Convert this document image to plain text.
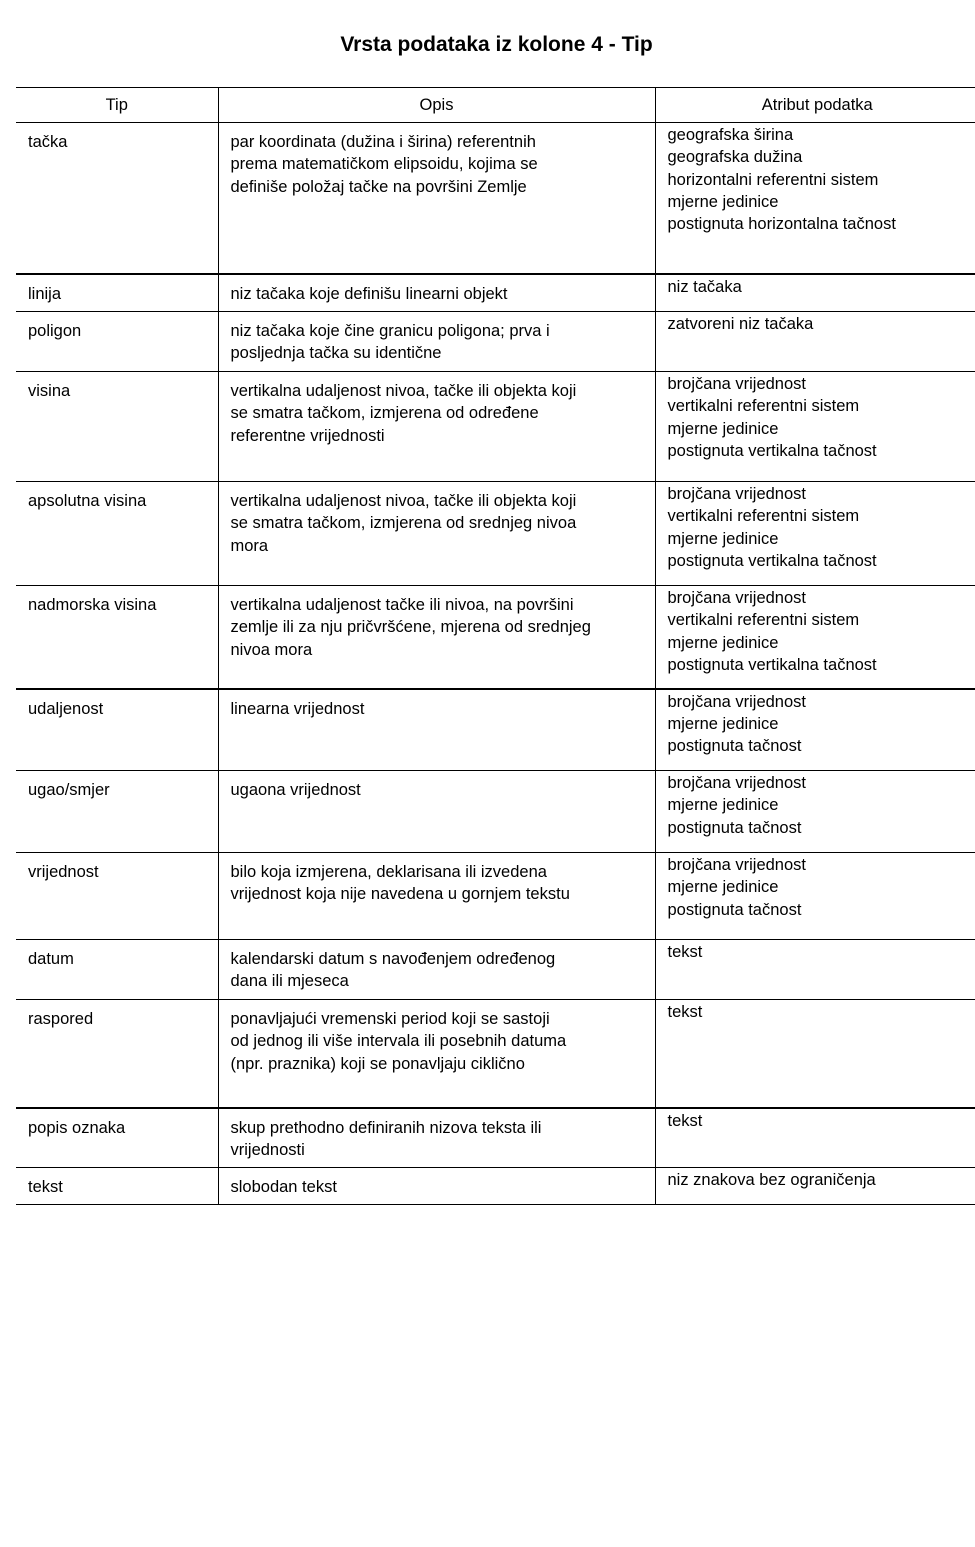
Vrsta podataka iz kolone 4 - Tip
Tip	Opis	Atribut podatka
tačka	par koordinata (dužina i širina) referentnih
prema matematičkom elipsoidu, kojima se
definiše položaj tačke na površini Zemlje	geografska širina
geografska dužina
horizontalni referentni sistem
mjerne jedinice
postignuta horizontalna tačnost
linija	niz tačaka koje definišu linearni objekt	niz tačaka
poligon	niz tačaka koje čine granicu poligona; prva i
posljednja tačka su identične	zatvoreni niz tačaka
visina	vertikalna udaljenost nivoa, tačke ili objekta koji
se smatra tačkom, izmjerena od određene
referentne vrijednosti	brojčana vrijednost
vertikalni referentni sistem
mjerne jedinice
postignuta vertikalna tačnost
apsolutna visina	vertikalna udaljenost nivoa, tačke ili objekta koji
se smatra tačkom, izmjerena od srednjeg nivoa
mora	brojčana vrijednost
vertikalni referentni sistem
mjerne jedinice
postignuta vertikalna tačnost
nadmorska visina	vertikalna udaljenost tačke ili nivoa, na površini
zemlje ili za nju pričvršćene, mjerena od srednjeg
nivoa mora	brojčana vrijednost
vertikalni referentni sistem
mjerne jedinice
postignuta vertikalna tačnost
udaljenost	linearna vrijednost	brojčana vrijednost
mjerne jedinice
postignuta tačnost
ugao/smjer	ugaona vrijednost	brojčana vrijednost
mjerne jedinice
postignuta tačnost
vrijednost	bilo koja izmjerena, deklarisana ili izvedena
vrijednost koja nije navedena u gornjem tekstu	brojčana vrijednost
mjerne jedinice
postignuta tačnost
datum	kalendarski datum s navođenjem određenog
dana ili mjeseca	tekst
raspored	ponavljajući vremenski period koji se sastoji
od jednog ili više intervala ili posebnih datuma
(npr. praznika) koji se ponavljaju ciklično	tekst
popis oznaka	skup prethodno definiranih nizova teksta ili
vrijednosti	tekst
tekst	slobodan tekst	niz znakova bez ograničenja
